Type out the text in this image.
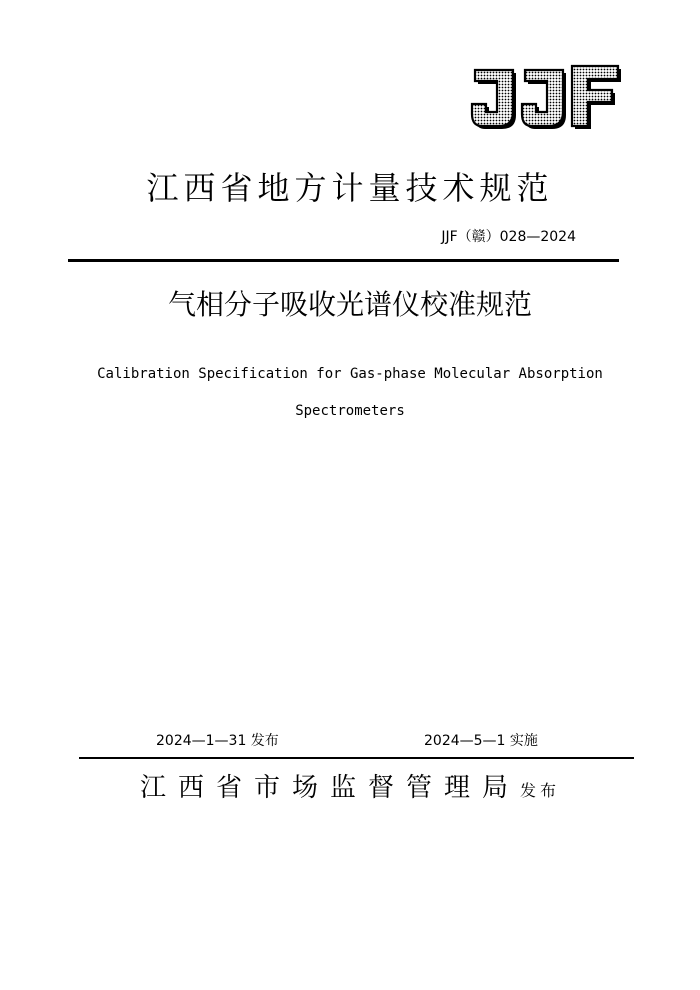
江西省地方计量技术规范
JJF（赣）028—2024
气相分子吸收光谱仪校准规范
Calibration Specification for Gas-phase Molecular Absorption
Spectrometers
2024—1—31 发布	2024—5—1 实施
江西省市场监督管理局发布
